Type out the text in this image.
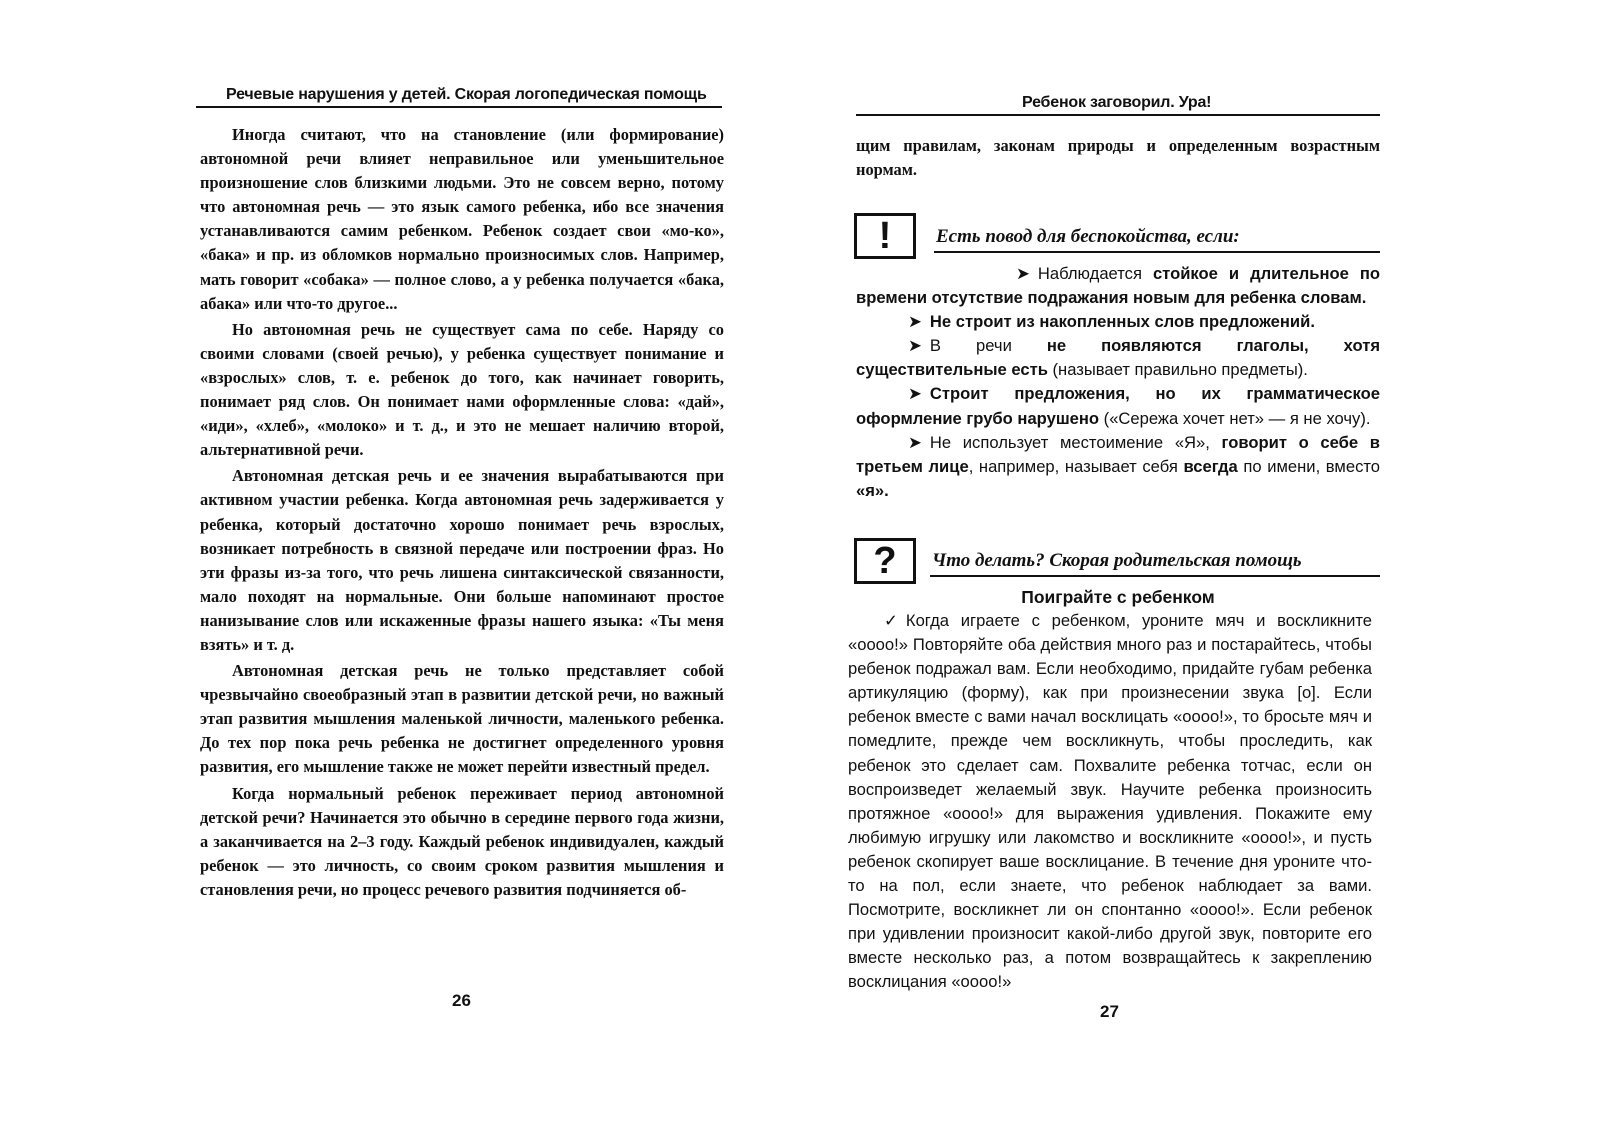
Речевые нарушения у детей. Скорая логопедическая помощь

Иногда считают, что на становление (или формирование) автономной речи влияет неправильное или уменьшительное произношение слов близкими людьми. Это не совсем верно, потому что автономная речь — это язык самого ребенка, ибо все значения устанавливаются самим ребенком. Ребенок создает свои «мо-ко», «бака» и пр. из обломков нормально произносимых слов. Например, мать говорит «собака» — полное слово, а у ребенка получается «бака, абака» или что-то другое...

Но автономная речь не существует сама по себе. Наряду со своими словами (своей речью), у ребенка существует понимание и «взрослых» слов, т. е. ребенок до того, как начинает говорить, понимает ряд слов. Он понимает нами оформленные слова: «дай», «иди», «хлеб», «молоко» и т. д., и это не мешает наличию второй, альтернативной речи.

Автономная детская речь и ее значения вырабатываются при активном участии ребенка. Когда автономная речь задерживается у ребенка, который достаточно хорошо понимает речь взрослых, возникает потребность в связной передаче или построении фраз. Но эти фразы из-за того, что речь лишена синтаксической связанности, мало походят на нормальные. Они больше напоминают простое нанизывание слов или искаженные фразы нашего языка: «Ты меня взять» и т. д.

Автономная детская речь не только представляет собой чрезвычайно своеобразный этап в развитии детской речи, но важный этап развития мышления маленькой личности, маленького ребенка. До тех пор пока речь ребенка не достигнет определенного уровня развития, его мышление также не может перейти известный предел.

Когда нормальный ребенок переживает период автономной детской речи? Начинается это обычно в середине первого года жизни, а заканчивается на 2–3 году. Каждый ребенок индивидуален, каждый ребенок — это личность, со своим сроком развития мышления и становления речи, но процесс речевого развития подчиняется об-

26
Ребенок заговорил. Ура!

щим правилам, законам природы и определенным возрастным нормам.

! Есть повод для беспокойства, если:

➤ Наблюдается стойкое и длительное по времени отсутствие подражания новым для ребенка словам.

➤ Не строит из накопленных слов предложений.

➤ В речи не появляются глаголы, хотя существительные есть (называет правильно предметы).

➤ Строит предложения, но их грамматическое оформление грубо нарушено («Сережа хочет нет» — я не хочу).

➤ Не использует местоимение «Я», говорит о себе в третьем лице, например, называет себя всегда по имени, вместо «я».

? Что делать? Скорая родительская помощь
Поиграйте с ребенком

✓ Когда играете с ребенком, уроните мяч и воскликните «оооо!» Повторяйте оба действия много раз и постарайтесь, чтобы ребенок подражал вам. Если необходимо, придайте губам ребенка артикуляцию (форму), как при произнесении звука [о]. Если ребенок вместе с вами начал восклицать «оооо!», то бросьте мяч и помедлите, прежде чем воскликнуть, чтобы проследить, как ребенок это сделает сам. Похвалите ребенка тотчас, если он воспроизведет желаемый звук. Научите ребенка произносить протяжное «оооо!» для выражения удивления. Покажите ему любимую игрушку или лакомство и воскликните «оооо!», и пусть ребенок скопирует ваше восклицание. В течение дня уроните что-то на пол, если знаете, что ребенок наблюдает за вами. Посмотрите, воскликнет ли он спонтанно «оооо!». Если ребенок при удивлении произносит какой-либо другой звук, повторите его вместе несколько раз, а потом возвращайтесь к закреплению восклицания «оооо!»

27
